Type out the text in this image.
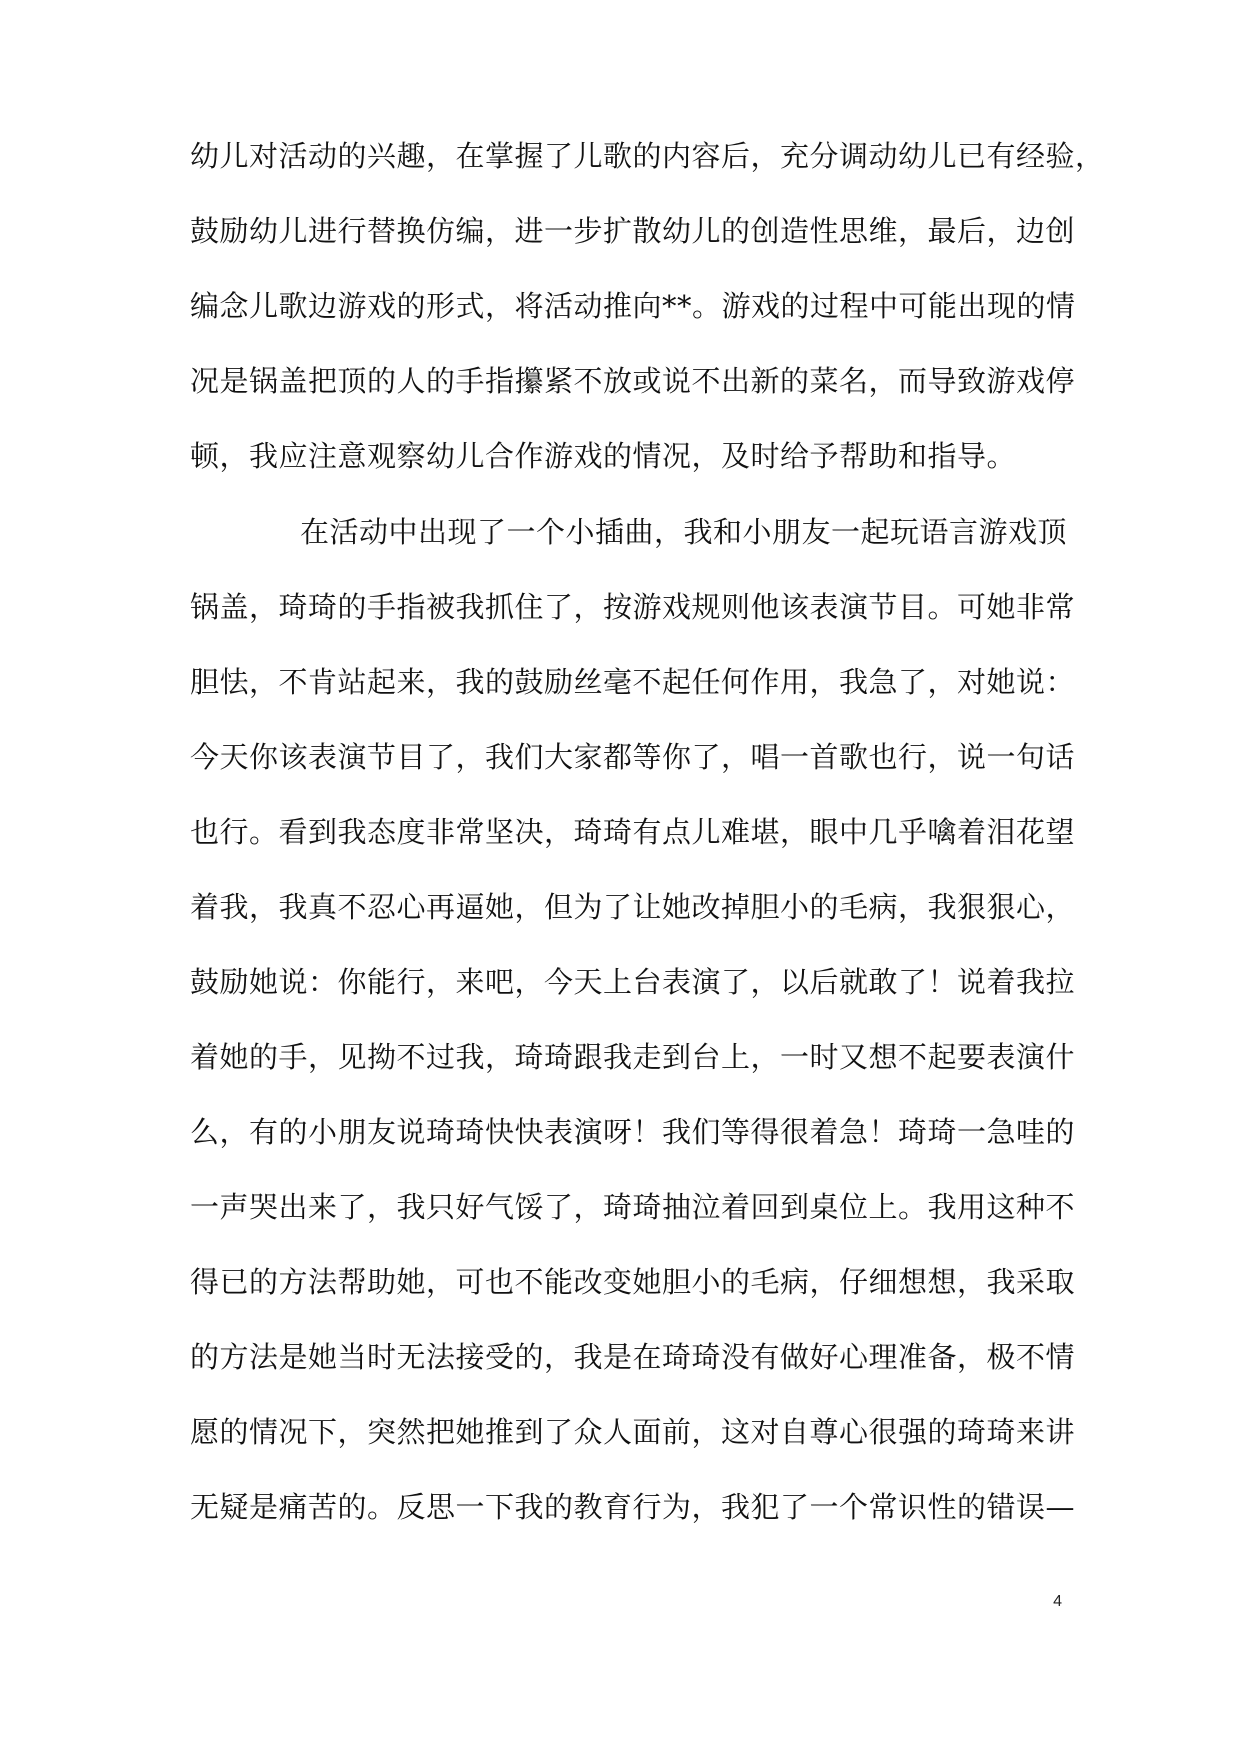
幼儿对活动的兴趣，在掌握了儿歌的内容后，充分调动幼儿已有经验，
鼓励幼儿进行替换仿编，进一步扩散幼儿的创造性思维，最后，边创
编念儿歌边游戏的形式，将活动推向**。游戏的过程中可能出现的情
况是锅盖把顶的人的手指攥紧不放或说不出新的菜名，而导致游戏停
顿，我应注意观察幼儿合作游戏的情况，及时给予帮助和指导。
在活动中出现了一个小插曲，我和小朋友一起玩语言游戏顶
锅盖，琦琦的手指被我抓住了，按游戏规则他该表演节目。可她非常
胆怯，不肯站起来，我的鼓励丝毫不起任何作用，我急了，对她说：
今天你该表演节目了，我们大家都等你了，唱一首歌也行，说一句话
也行。看到我态度非常坚决，琦琦有点儿难堪，眼中几乎噙着泪花望
着我，我真不忍心再逼她，但为了让她改掉胆小的毛病，我狠狠心，
鼓励她说：你能行，来吧，今天上台表演了，以后就敢了！说着我拉
着她的手，见拗不过我，琦琦跟我走到台上，一时又想不起要表演什
么，有的小朋友说琦琦快快表演呀！我们等得很着急！琦琦一急哇的
一声哭出来了，我只好气馁了，琦琦抽泣着回到桌位上。我用这种不
得已的方法帮助她，可也不能改变她胆小的毛病，仔细想想，我采取
的方法是她当时无法接受的，我是在琦琦没有做好心理准备，极不情
愿的情况下，突然把她推到了众人面前，这对自尊心很强的琦琦来讲
无疑是痛苦的。反思一下我的教育行为，我犯了一个常识性的错误—
4
